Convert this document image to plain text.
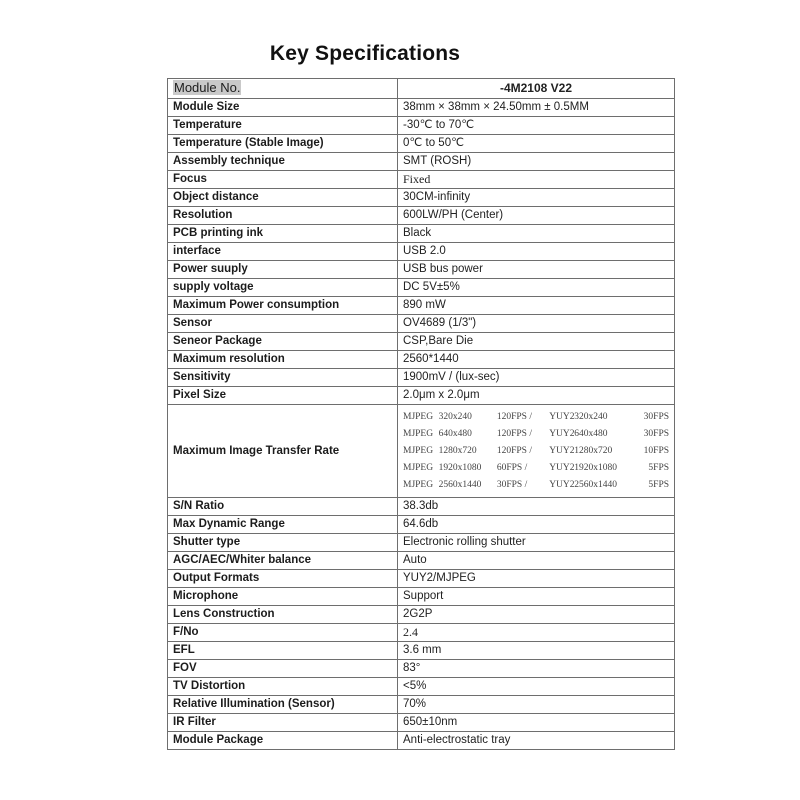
Key Specifications
Module No.	-4M2108 V22
Module Size	38mm × 38mm × 24.50mm ± 0.5MM
Temperature	-30℃ to 70℃
Temperature (Stable Image)	0℃ to 50℃
Assembly technique	SMT (ROSH)
Focus	Fixed
Object distance	30CM-infinity
Resolution	600LW/PH (Center)
PCB printing ink	Black
interface	USB 2.0
Power suuply	USB bus power
supply voltage	DC 5V±5%
Maximum Power consumption	890 mW
Sensor	OV4689 (1/3")
Seneor Package	CSP,Bare Die
Maximum resolution	2560*1440
Sensitivity	1900mV / (lux-sec)
Pixel Size	2.0μm x 2.0μm
Maximum Image Transfer Rate	
MJPEG 320x240	120FPS /	YUY2 320x240	30FPS
MJPEG 640x480	120FPS /	YUY2 640x480	30FPS
MJPEG 1280x720	120FPS /	YUY2 1280x720	10FPS
MJPEG 1920x1080	60FPS /	YUY2 1920x1080	5FPS
MJPEG 2560x1440	30FPS /	YUY2 2560x1440	5FPS

S/N Ratio	38.3db
Max Dynamic Range	64.6db
Shutter type	Electronic rolling shutter
AGC/AEC/Whiter balance	Auto
Output Formats	YUY2/MJPEG
Microphone	Support
Lens Construction	2G2P
F/No	2.4
EFL	3.6 mm
FOV	83°
TV Distortion	<5%
Relative Illumination (Sensor)	70%
IR Filter	650±10nm
Module Package	Anti-electrostatic tray
